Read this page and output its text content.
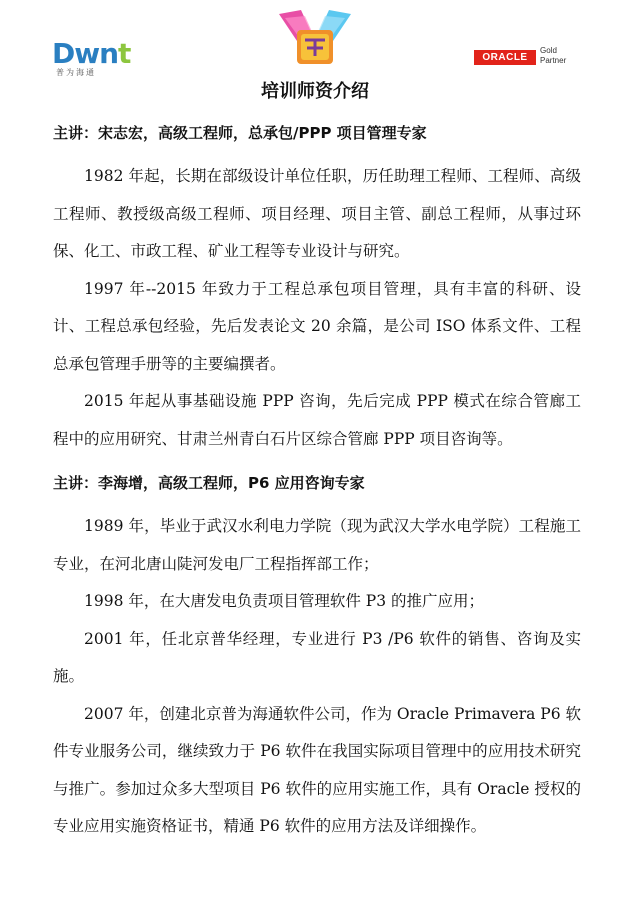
Dwnt
普为海通
ORACLE
Gold
Partner
培训师资介绍

主讲：宋志宏，高级工程师，总承包/PPP 项目管理专家

1982 年起，长期在部级设计单位任职，历任助理工程师、工程师、高级工程师、教授级高级工程师、项目经理、项目主管、副总工程师，从事过环保、化工、市政工程、矿业工程等专业设计与研究。

1997 年--2015 年致力于工程总承包项目管理，具有丰富的科研、设计、工程总承包经验，先后发表论文 20 余篇，是公司 ISO 体系文件、工程总承包管理手册等的主要编撰者。

2015 年起从事基础设施 PPP 咨询，先后完成 PPP 模式在综合管廊工程中的应用研究、甘肃兰州青白石片区综合管廊 PPP 项目咨询等。

主讲：李海增，高级工程师，P6 应用咨询专家

1989 年，毕业于武汉水利电力学院（现为武汉大学水电学院）工程施工专业，在河北唐山陡河发电厂工程指挥部工作；

1998 年，在大唐发电负责项目管理软件 P3 的推广应用；

2001 年，任北京普华经理，专业进行 P3 /P6 软件的销售、咨询及实施。

2007 年，创建北京普为海通软件公司，作为 Oracle Primavera P6 软件专业服务公司，继续致力于 P6 软件在我国实际项目管理中的应用技术研究与推广。参加过众多大型项目 P6 软件的应用实施工作，具有 Oracle 授权的专业应用实施资格证书，精通 P6 软件的应用方法及详细操作。
